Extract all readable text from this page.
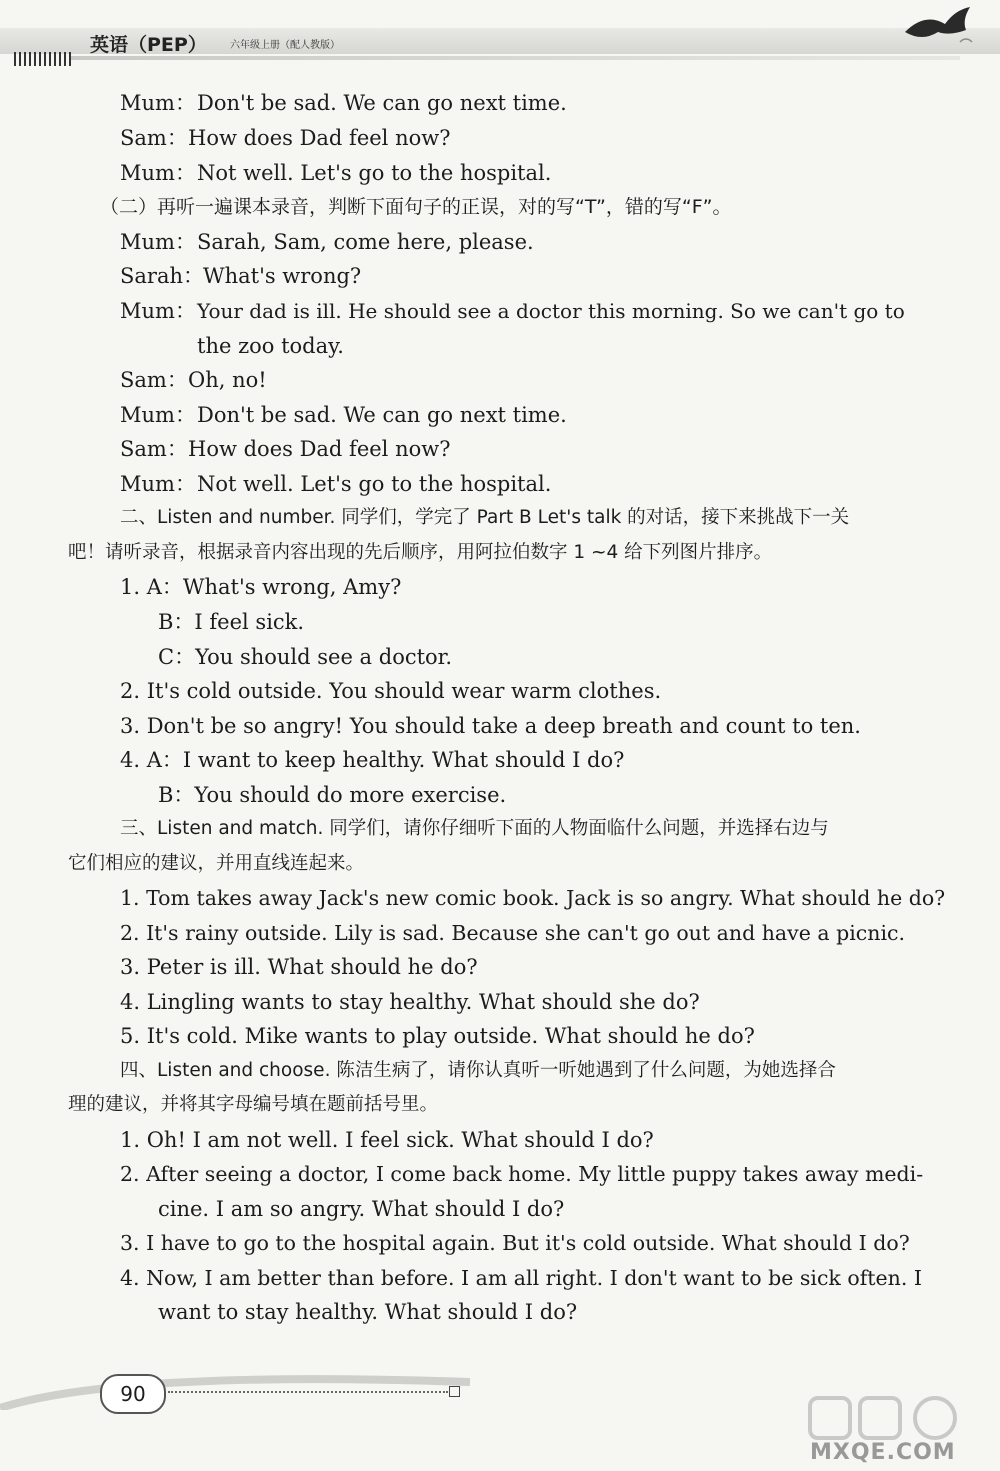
英语（PEP） 六年级上册（配人教版）
Mum：Don't be sad. We can go next time.
Sam：How does Dad feel now?
Mum：Not well. Let's go to the hospital.
（二）再听一遍课本录音，判断下面句子的正误，对的写“T”，错的写“F”。
Mum：Sarah, Sam, come here, please.
Sarah：What's wrong?
Mum：Your dad is ill. He should see a doctor this morning. So we can't go to
the zoo today.
Sam：Oh, no!
Mum：Don't be sad. We can go next time.
Sam：How does Dad feel now?
Mum：Not well. Let's go to the hospital.
二、Listen and number. 同学们，学完了 Part B Let's talk 的对话，接下来挑战下一关
吧！请听录音，根据录音内容出现的先后顺序，用阿拉伯数字 1 ~4 给下列图片排序。
1. A：What's wrong, Amy?
B：I feel sick.
C：You should see a doctor.
2. It's cold outside. You should wear warm clothes.
3. Don't be so angry! You should take a deep breath and count to ten.
4. A：I want to keep healthy. What should I do?
B：You should do more exercise.
三、Listen and match. 同学们，请你仔细听下面的人物面临什么问题，并选择右边与
它们相应的建议，并用直线连起来。
1. Tom takes away Jack's new comic book. Jack is so angry. What should he do?
2. It's rainy outside. Lily is sad. Because she can't go out and have a picnic.
3. Peter is ill. What should he do?
4. Lingling wants to stay healthy. What should she do?
5. It's cold. Mike wants to play outside. What should he do?
四、Listen and choose. 陈洁生病了，请你认真听一听她遇到了什么问题，为她选择合
理的建议，并将其字母编号填在题前括号里。
1. Oh! I am not well. I feel sick. What should I do?
2. After seeing a doctor, I come back home. My little puppy takes away medi-
cine. I am so angry. What should I do?
3. I have to go to the hospital again. But it's cold outside. What should I do?
4. Now, I am better than before. I am all right. I don't want to be sick often. I
want to stay healthy. What should I do?
90
MXQE.COM
